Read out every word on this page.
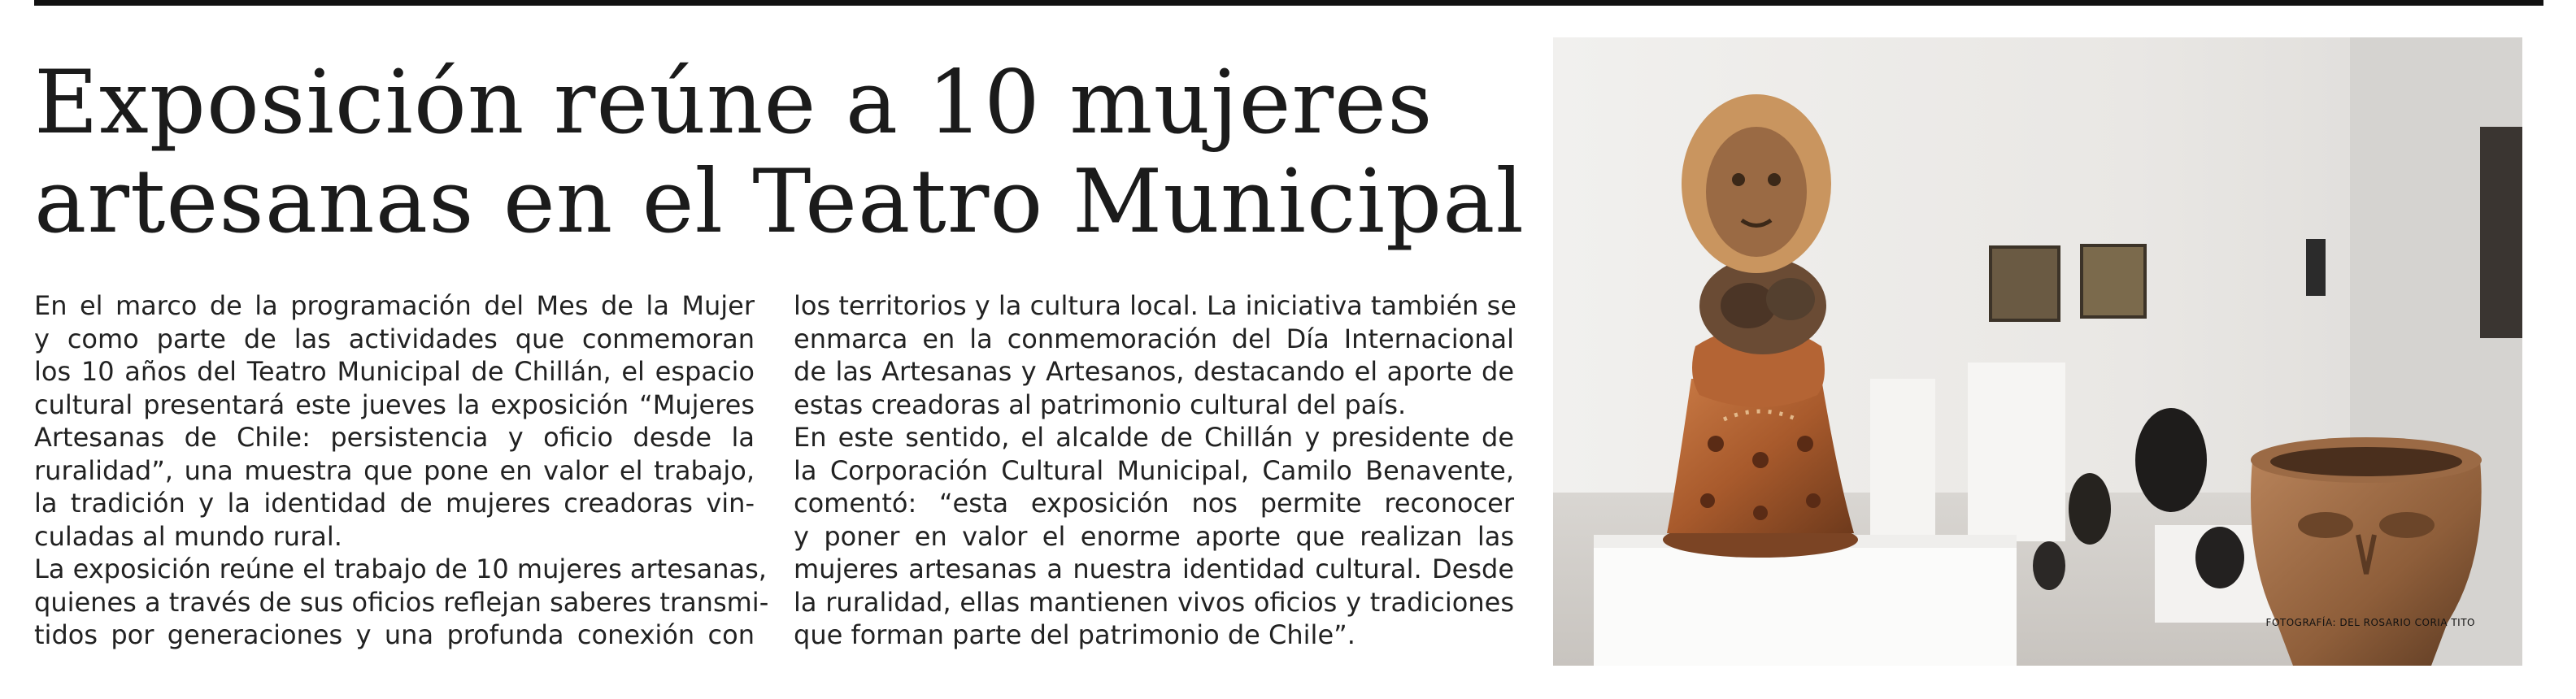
Exposición reúne a 10 mujeres
artesanas en el Teatro Municipal
En el marco de la programación del Mes de la Mujer
y como parte de las actividades que conmemoran
los 10 años del Teatro Municipal de Chillán, el espacio
cultural presentará este jueves la exposición “Mujeres
Artesanas de Chile: persistencia y oficio desde la
ruralidad”, una muestra que pone en valor el trabajo,
la tradición y la identidad de mujeres creadoras vin-
culadas al mundo rural.
La exposición reúne el trabajo de 10 mujeres artesanas,
quienes a través de sus oficios reflejan saberes transmi-
tidos por generaciones y una profunda conexión con
los territorios y la cultura local. La iniciativa también se
enmarca en la conmemoración del Día Internacional
de las Artesanas y Artesanos, destacando el aporte de
estas creadoras al patrimonio cultural del país.
En este sentido, el alcalde de Chillán y presidente de
la Corporación Cultural Municipal, Camilo Benavente,
comentó: “esta exposición nos permite reconocer
y poner en valor el enorme aporte que realizan las
mujeres artesanas a nuestra identidad cultural. Desde
la ruralidad, ellas mantienen vivos oficios y tradiciones
que forman parte del patrimonio de Chile”.	FOTOGRAFÍA: DEL ROSARIO CORIA TITO
